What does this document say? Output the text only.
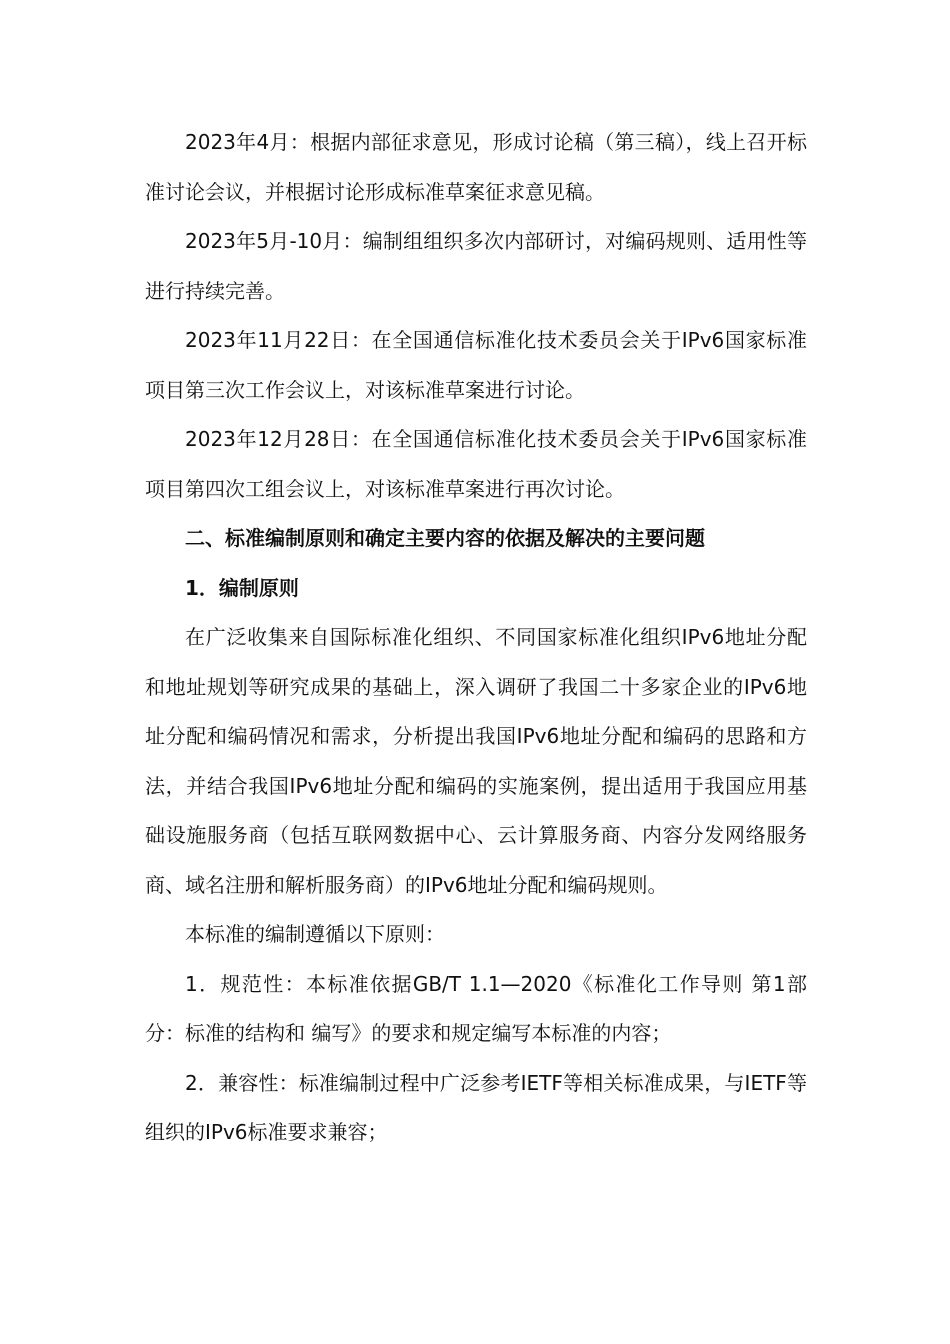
2023年4月：根据内部征求意见，形成讨论稿（第三稿），线上召开标准讨论会议，并根据讨论形成标准草案征求意见稿。

2023年5月-10月：编制组组织多次内部研讨，对编码规则、适用性等进行持续完善。

2023年11月22日：在全国通信标准化技术委员会关于IPv6国家标准项目第三次工作会议上，对该标准草案进行讨论。

2023年12月28日：在全国通信标准化技术委员会关于IPv6国家标准项目第四次工组会议上，对该标准草案进行再次讨论。

二、标准编制原则和确定主要内容的依据及解决的主要问题

1．编制原则

在广泛收集来自国际标准化组织、不同国家标准化组织IPv6地址分配和地址规划等研究成果的基础上，深入调研了我国二十多家企业的IPv6地址分配和编码情况和需求，分析提出我国IPv6地址分配和编码的思路和方法，并结合我国IPv6地址分配和编码的实施案例，提出适用于我国应用基础设施服务商（包括互联网数据中心、云计算服务商、内容分发网络服务商、域名注册和解析服务商）的IPv6地址分配和编码规则。

本标准的编制遵循以下原则：

1．规范性：本标准依据GB/T 1.1—2020《标准化工作导则 第1部分：标准的结构和 编写》的要求和规定编写本标准的内容；

2．兼容性：标准编制过程中广泛参考IETF等相关标准成果，与IETF等组织的IPv6标准要求兼容；
